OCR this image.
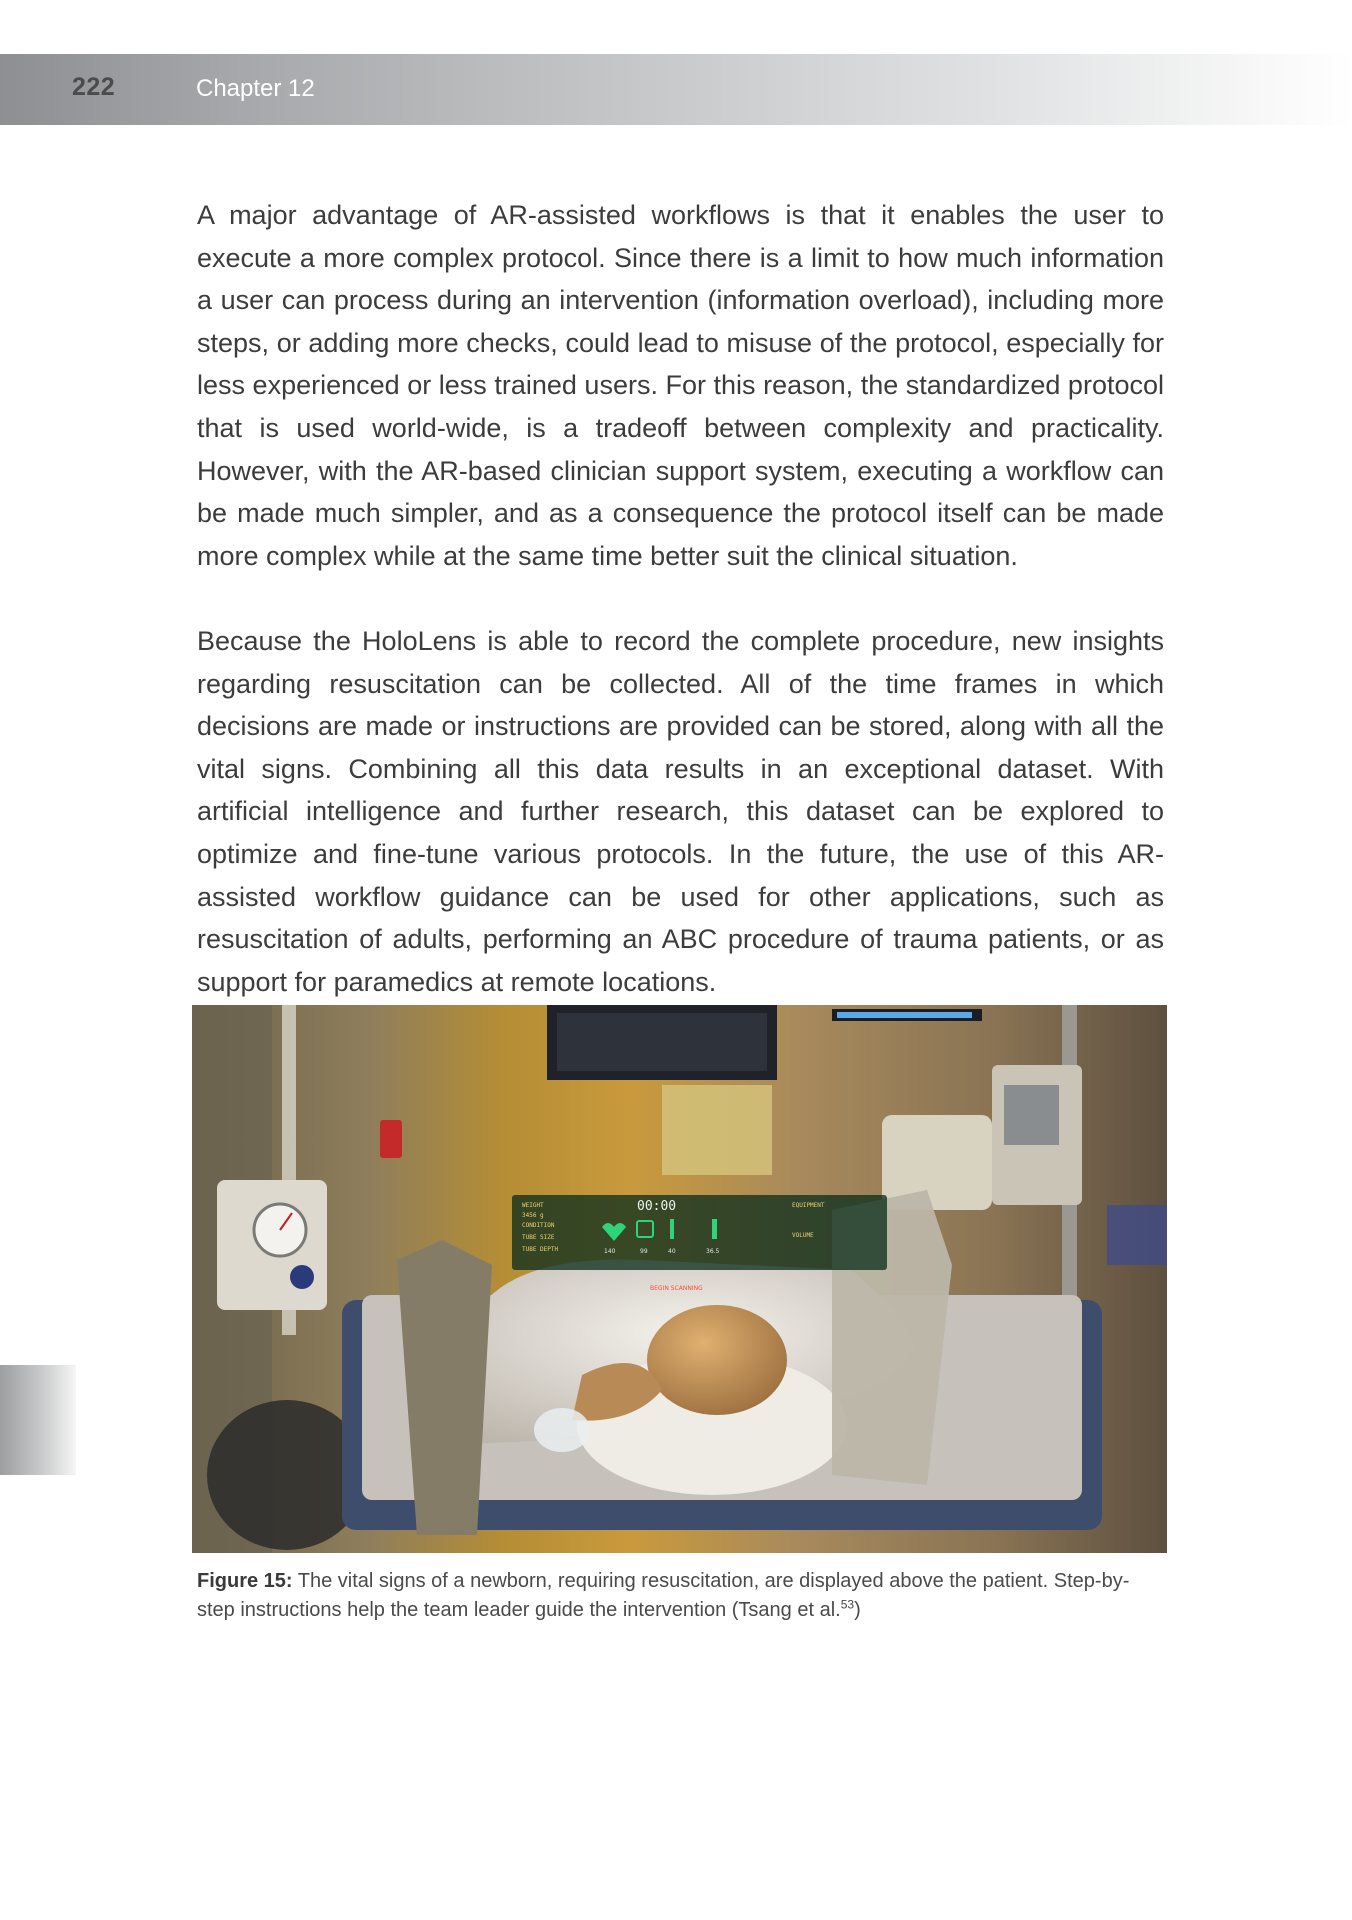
222	Chapter 12

A major advantage of AR-assisted workflows is that it enables the user to execute a more complex protocol. Since there is a limit to how much information a user can process during an intervention (information overload), including more steps, or adding more checks, could lead to misuse of the protocol, especially for less experienced or less trained users. For this reason, the standardized protocol that is used world-wide, is a tradeoff between complexity and practicality. However, with the AR-based clinician support system, executing a workflow can be made much simpler, and as a consequence the protocol itself can be made more complex while at the same time better suit the clinical situation.

Because the HoloLens is able to record the complete procedure, new insights regarding resuscitation can be collected. All of the time frames in which decisions are made or instructions are provided can be stored, along with all the vital signs. Combining all this data results in an exceptional dataset. With artificial intelligence and further research, this dataset can be explored to optimize and fine-tune various protocols. In the future, the use of this AR-assisted workflow guidance can be used for other applications, such as resuscitation of adults, performing an ABC procedure of trauma patients, or as support for paramedics at remote locations.

WEIGHT
3456 g
CONDITION
TUBE SIZE
TUBE DEPTH
00:00
140	99	40	36.5
EQUIPMENT
VOLUME
BEGIN SCANNING

Figure 15: The vital signs of a newborn, requiring resuscitation, are displayed above the patient. Step-by-step instructions help the team leader guide the intervention (Tsang et al.$^{53}$)
